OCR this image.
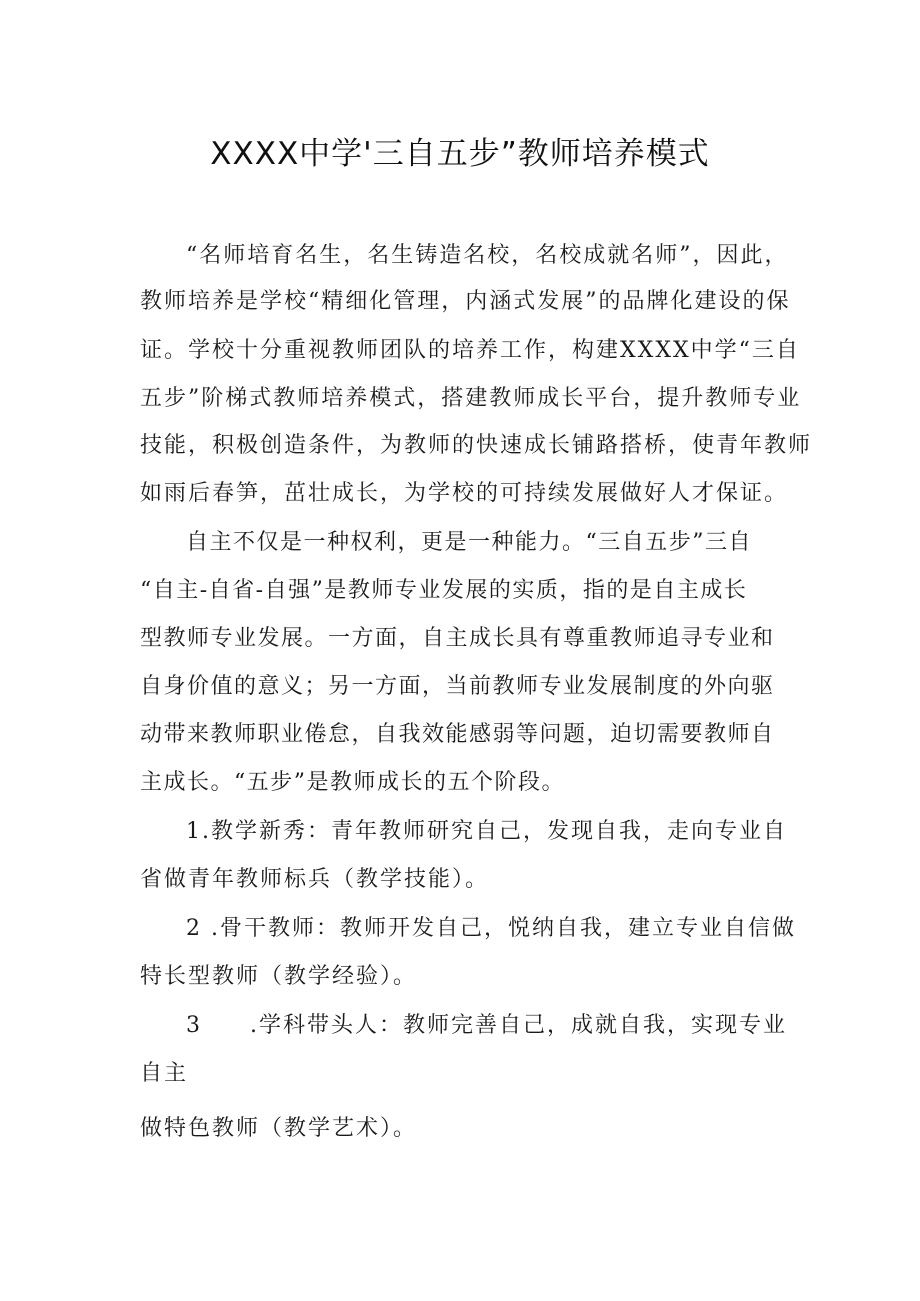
XXXX中学'三自五步”教师培养模式
“名师培育名生，名生铸造名校，名校成就名师”，因此，
教师培养是学校“精细化管理，内涵式发展”的品牌化建设的保
证。学校十分重视教师团队的培养工作，构建XXXX中学“三自
五步”阶梯式教师培养模式，搭建教师成长平台，提升教师专业
技能，积极创造条件，为教师的快速成长铺路搭桥，使青年教师
如雨后春笋，茁壮成长，为学校的可持续发展做好人才保证。
自主不仅是一种权利，更是一种能力。“三自五步”三自
“自主-自省-自强”是教师专业发展的实质，指的是自主成长
型教师专业发展。一方面，自主成长具有尊重教师追寻专业和
自身价值的意义；另一方面，当前教师专业发展制度的外向驱
动带来教师职业倦怠，自我效能感弱等问题，迫切需要教师自
主成长。“五步”是教师成长的五个阶段。
1.教学新秀：青年教师研究自己，发现自我，走向专业自
省做青年教师标兵（教学技能）。
2 .骨干教师：教师开发自己，悦纳自我，建立专业自信做
特长型教师（教学经验）。
3　　.学科带头人：教师完善自己，成就自我，实现专业
自主
做特色教师（教学艺术）。
